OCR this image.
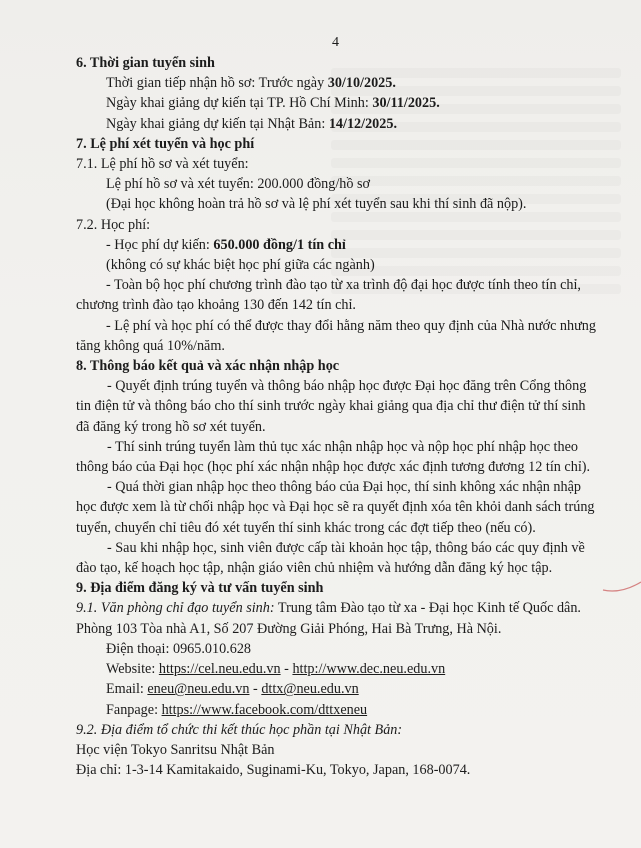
4

6. Thời gian tuyển sinh

Thời gian tiếp nhận hồ sơ: Trước ngày 30/10/2025.

Ngày khai giảng dự kiến tại TP. Hồ Chí Minh: 30/11/2025.

Ngày khai giảng dự kiến tại Nhật Bản: 14/12/2025.

7. Lệ phí xét tuyển và học phí

7.1. Lệ phí hồ sơ và xét tuyển:

Lệ phí hồ sơ và xét tuyển: 200.000 đồng/hồ sơ

(Đại học không hoàn trả hồ sơ và lệ phí xét tuyển sau khi thí sinh đã nộp).

7.2. Học phí:

- Học phí dự kiến: 650.000 đồng/1 tín chỉ

(không có sự khác biệt học phí giữa các ngành)

- Toàn bộ học phí chương trình đào tạo từ xa trình độ đại học được tính theo tín chỉ,

chương trình đào tạo khoảng 130 đến 142 tín chỉ.

- Lệ phí và học phí có thể được thay đổi hằng năm theo quy định của Nhà nước nhưng

tăng không quá 10%/năm.

8. Thông báo kết quả và xác nhận nhập học

- Quyết định trúng tuyển và thông báo nhập học được Đại học đăng trên Cổng thông

tin điện tử và thông báo cho thí sinh trước ngày khai giảng qua địa chỉ thư điện tử thí sinh

đã đăng ký trong hồ sơ xét tuyển.

- Thí sinh trúng tuyển làm thủ tục xác nhận nhập học và nộp học phí nhập học theo

thông báo của Đại học (học phí xác nhận nhập học được xác định tương đương 12 tín chỉ).

- Quá thời gian nhập học theo thông báo của Đại học, thí sinh không xác nhận nhập

học được xem là từ chối nhập học và Đại học sẽ ra quyết định xóa tên khỏi danh sách trúng

tuyển, chuyển chỉ tiêu đó xét tuyển thí sinh khác trong các đợt tiếp theo (nếu có).

- Sau khi nhập học, sinh viên được cấp tài khoản học tập, thông báo các quy định về

đào tạo, kế hoạch học tập, nhận giáo viên chủ nhiệm và hướng dẫn đăng ký học tập.

9. Địa điểm đăng ký và tư vấn tuyển sinh

9.1. Văn phòng chỉ đạo tuyển sinh: Trung tâm Đào tạo từ xa - Đại học Kinh tế Quốc dân.

Phòng 103 Tòa nhà A1, Số 207 Đường Giải Phóng, Hai Bà Trưng, Hà Nội.

Điện thoại: 0965.010.628

Website: https://cel.neu.edu.vn - http://www.dec.neu.edu.vn

Email: eneu@neu.edu.vn - dttx@neu.edu.vn

Fanpage: https://www.facebook.com/dttxeneu

9.2. Địa điểm tổ chức thi kết thúc học phần tại Nhật Bản:

Học viện Tokyo Sanritsu Nhật Bản

Địa chỉ: 1-3-14 Kamitakaido, Suginami-Ku, Tokyo, Japan, 168-0074.
